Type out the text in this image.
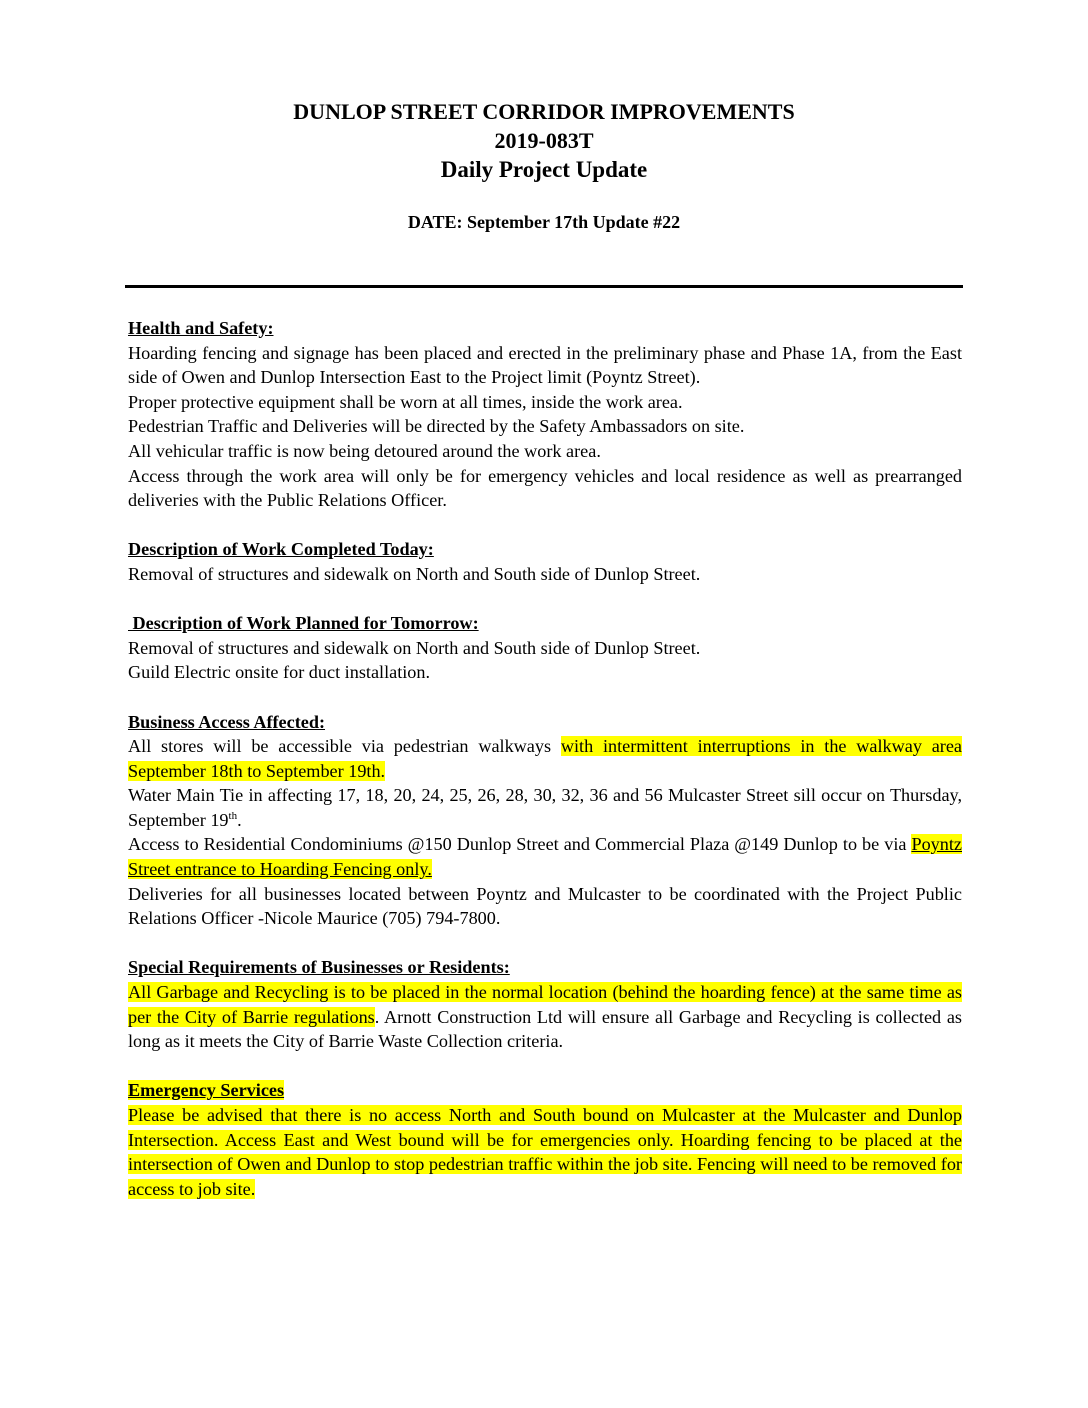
DUNLOP STREET CORRIDOR IMPROVEMENTS
2019-083T
Daily Project Update
DATE: September 17th Update #22

Health and Safety:

Hoarding fencing and signage has been placed and erected in the preliminary phase and Phase 1A, from the East side of Owen and Dunlop Intersection East to the Project limit (Poyntz Street).

Proper protective equipment shall be worn at all times, inside the work area.

Pedestrian Traffic and Deliveries will be directed by the Safety Ambassadors on site.

All vehicular traffic is now being detoured around the work area.

Access through the work area will only be for emergency vehicles and local residence as well as prearranged deliveries with the Public Relations Officer.

Description of Work Completed Today:

Removal of structures and sidewalk on North and South side of Dunlop Street.

Description of Work Planned for Tomorrow:

Removal of structures and sidewalk on North and South side of Dunlop Street.

Guild Electric onsite for duct installation.

Business Access Affected:

All stores will be accessible via pedestrian walkways with intermittent interruptions in the walkway area September 18th to September 19th.

Water Main Tie in affecting 17, 18, 20, 24, 25, 26, 28, 30, 32, 36 and 56 Mulcaster Street sill occur on Thursday, September 19th.

Access to Residential Condominiums @150 Dunlop Street and Commercial Plaza @149 Dunlop to be via Poyntz Street entrance to Hoarding Fencing only.

Deliveries for all businesses located between Poyntz and Mulcaster to be coordinated with the Project Public Relations Officer -Nicole Maurice (705) 794-7800.

Special Requirements of Businesses or Residents:

All Garbage and Recycling is to be placed in the normal location (behind the hoarding fence) at the same time as per the City of Barrie regulations. Arnott Construction Ltd will ensure all Garbage and Recycling is collected as long as it meets the City of Barrie Waste Collection criteria.

Emergency Services

Please be advised that there is no access North and South bound on Mulcaster at the Mulcaster and Dunlop Intersection. Access East and West bound will be for emergencies only. Hoarding fencing to be placed at the intersection of Owen and Dunlop to stop pedestrian traffic within the job site. Fencing will need to be removed for access to job site.
